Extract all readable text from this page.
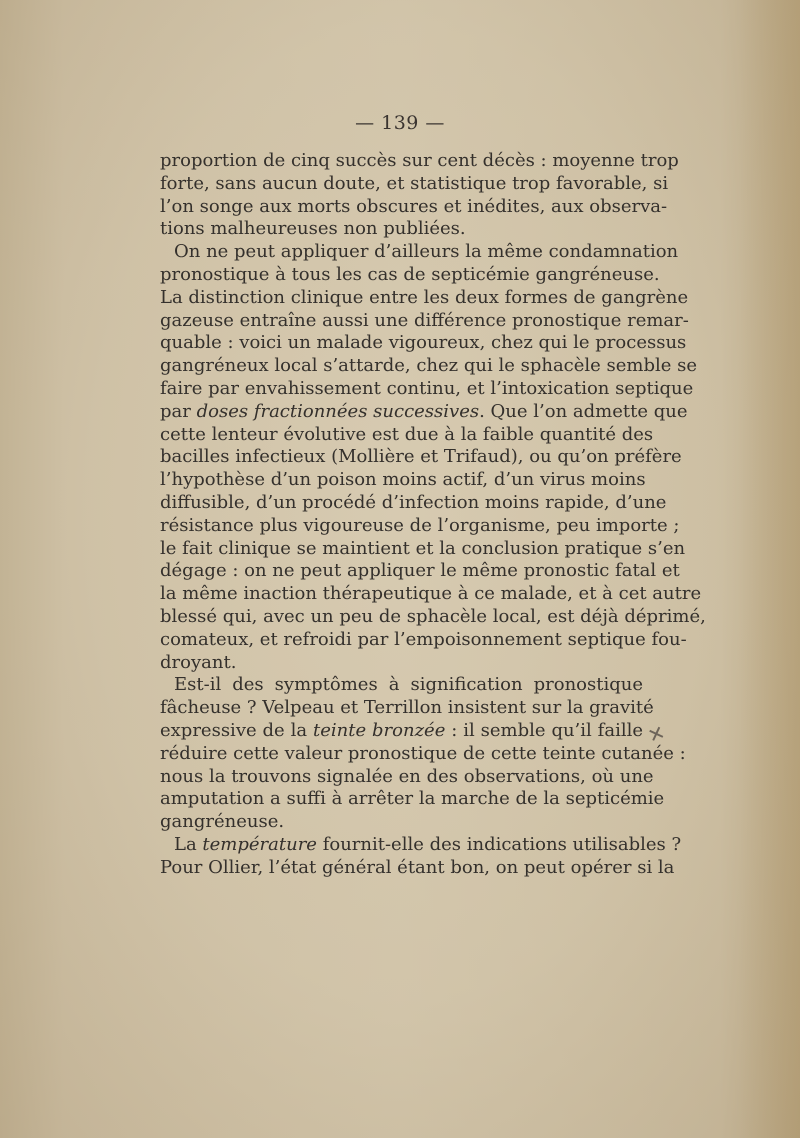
— 139 —
proportion de cinq succès sur cent décès : moyenne trop
forte, sans aucun doute, et statistique trop favorable, si
l’on songe aux morts obscures et inédites, aux observa-
tions malheureuses non publiées.
On ne peut appliquer d’ailleurs la même condamnation
pronostique à tous les cas de septicémie gangréneuse.
La distinction clinique entre les deux formes de gangrène
gazeuse entraîne aussi une différence pronostique remar-
quable : voici un malade vigoureux, chez qui le processus
gangréneux local s’attarde, chez qui le sphacèle semble se
faire par envahissement continu, et l’intoxication septique
par doses fractionnées successives. Que l’on admette que
cette lenteur évolutive est due à la faible quantité des
bacilles infectieux (Mollière et Trifaud), ou qu’on préfère
l’hypothèse d’un poison moins actif, d’un virus moins
diffusible, d’un procédé d’infection moins rapide, d’une
résistance plus vigoureuse de l’organisme, peu importe ;
le fait clinique se maintient et la conclusion pratique s’en
dégage : on ne peut appliquer le même pronostic fatal et
la même inaction thérapeutique à ce malade, et à cet autre
blessé qui, avec un peu de sphacèle local, est déjà déprimé,
comateux, et refroidi par l’empoisonnement septique fou-
droyant.
Est-il des symptômes à signification pronostique
fâcheuse ? Velpeau et Terrillon insistent sur la gravité
expressive de la teinte bronzée : il semble qu’il faille
réduire cette valeur pronostique de cette teinte cutanée :
nous la trouvons signalée en des observations, où une
amputation a suffi à arrêter la marche de la septicémie
gangréneuse.
La température fournit-elle des indications utilisables ?
Pour Ollier, l’état général étant bon, on peut opérer si la
✕
